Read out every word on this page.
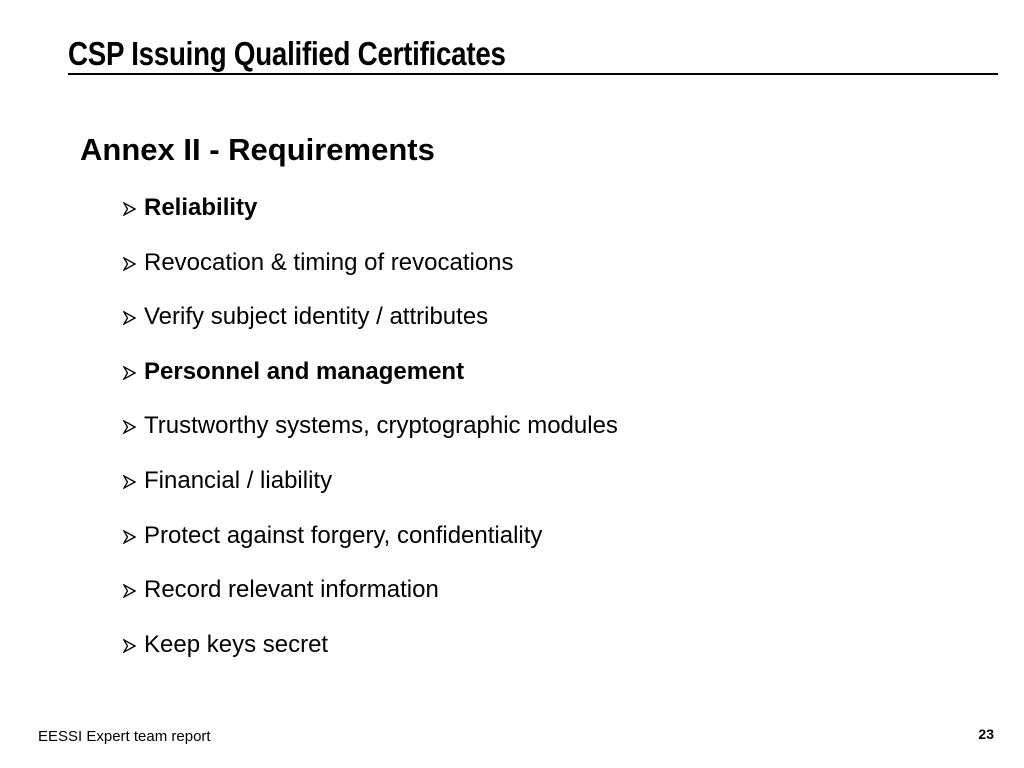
CSP Issuing Qualified Certificates
Annex II - Requirements
Reliability
Revocation & timing of revocations
Verify subject identity / attributes
Personnel and management
Trustworthy systems, cryptographic modules
Financial / liability
Protect against forgery, confidentiality
Record relevant information
Keep keys secret
EESSI Expert team report	23
